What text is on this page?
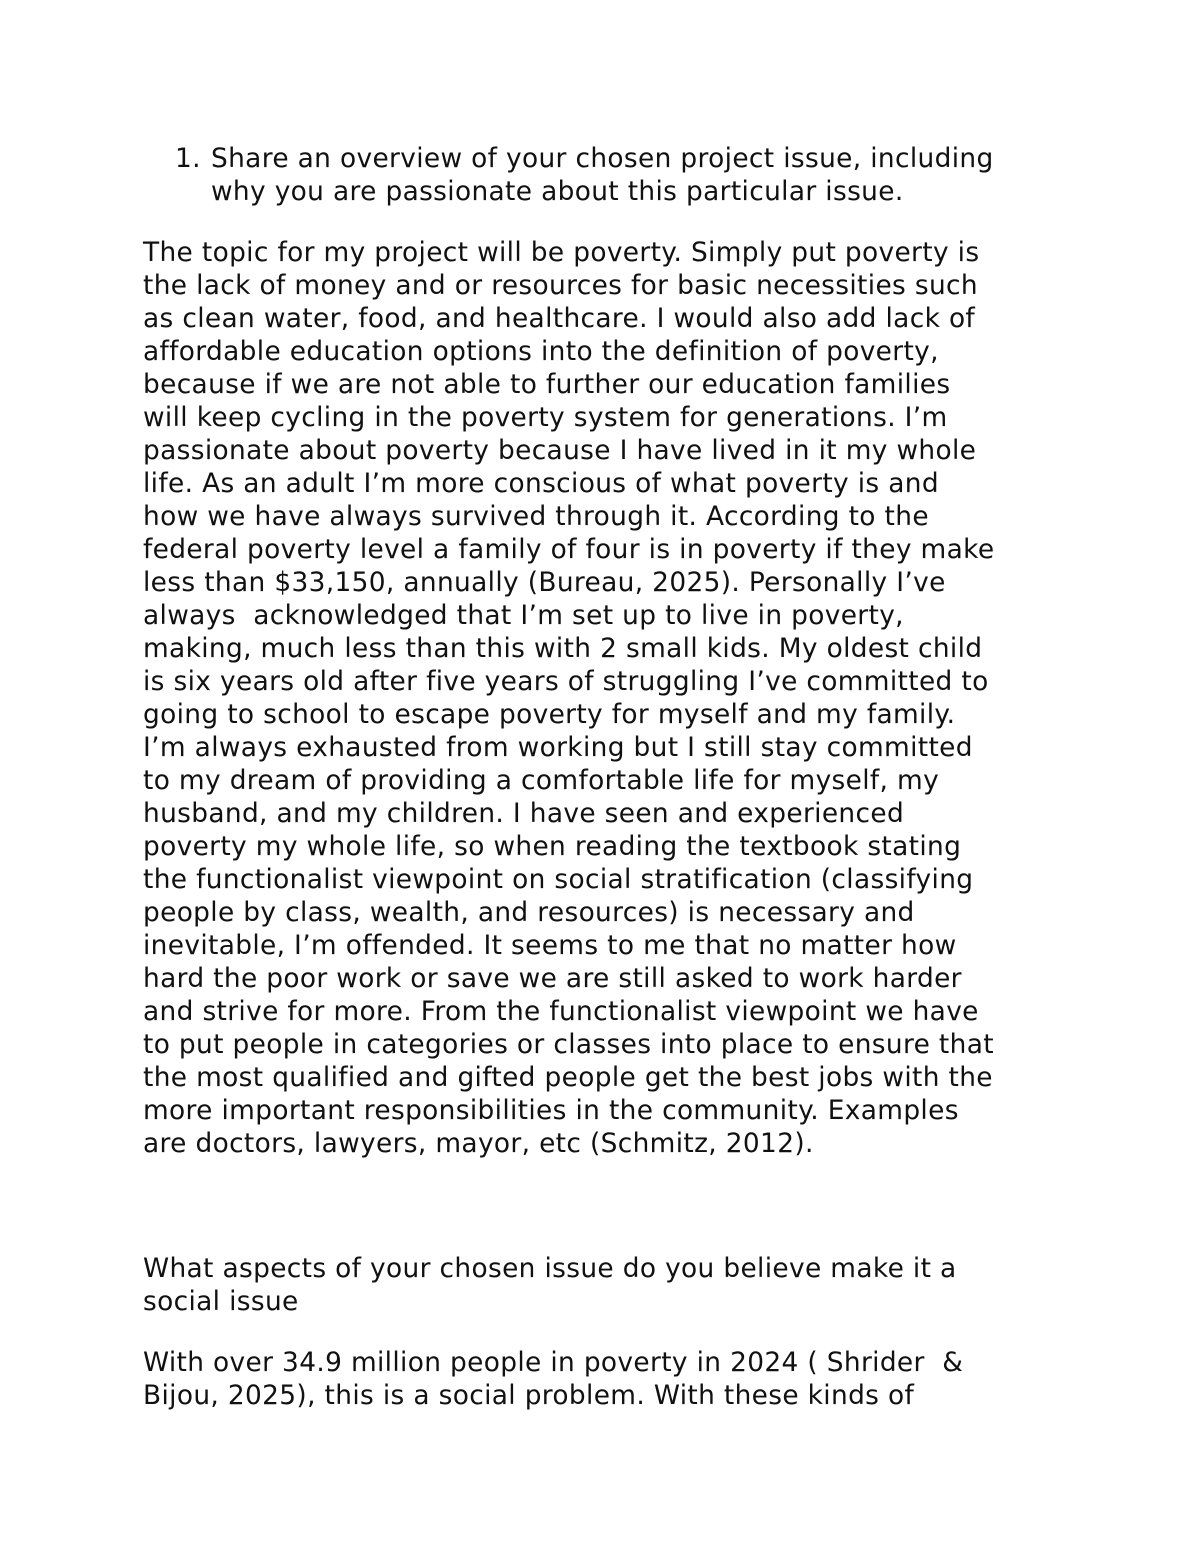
1. Share an overview of your chosen project issue, including
why you are passionate about this particular issue.
The topic for my project will be poverty. Simply put poverty is
the lack of money and or resources for basic necessities such
as clean water, food, and healthcare. I would also add lack of
affordable education options into the definition of poverty,
because if we are not able to further our education families
will keep cycling in the poverty system for generations. I’m
passionate about poverty because I have lived in it my whole
life. As an adult I’m more conscious of what poverty is and
how we have always survived through it. According to the
federal poverty level a family of four is in poverty if they make
less than $33,150, annually (Bureau, 2025). Personally I’ve
always  acknowledged that I’m set up to live in poverty,
making, much less than this with 2 small kids. My oldest child
is six years old after five years of struggling I’ve committed to
going to school to escape poverty for myself and my family.
I’m always exhausted from working but I still stay committed
to my dream of providing a comfortable life for myself, my
husband, and my children. I have seen and experienced
poverty my whole life, so when reading the textbook stating
the functionalist viewpoint on social stratification (classifying
people by class, wealth, and resources) is necessary and
inevitable, I’m offended. It seems to me that no matter how
hard the poor work or save we are still asked to work harder
and strive for more. From the functionalist viewpoint we have
to put people in categories or classes into place to ensure that
the most qualified and gifted people get the best jobs with the
more important responsibilities in the community. Examples
are doctors, lawyers, mayor, etc (Schmitz, 2012).
What aspects of your chosen issue do you believe make it a
social issue
With over 34.9 million people in poverty in 2024 ( Shrider  &
Bijou, 2025), this is a social problem. With these kinds of
